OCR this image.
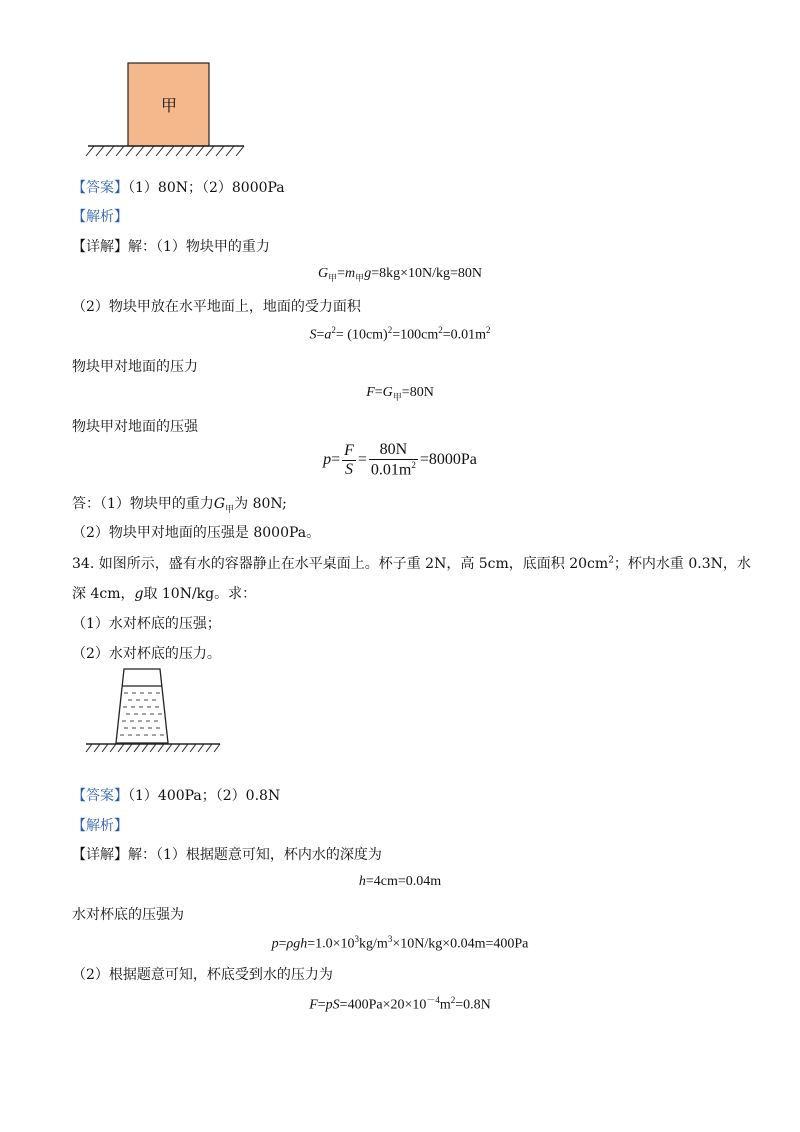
甲
【答案】（1）80N；（2）8000Pa
【解析】
【详解】解：（1）物块甲的重力
$G_甲=m_甲g=8kg\times 10N/kg=80N$
（2）物块甲放在水平地面上，地面的受力面积
$S=a^2= (10cm)^2=100cm^2=0.01m^2$
物块甲对地面的压力
$F=G_甲=80N$
物块甲对地面的压强
$p= \frac{F}{S} = \frac{80N}{0.01m^2} =8000Pa$
答：（1）物块甲的重力$G_甲$为 80N;
（2）物块甲对地面的压强是 8000Pa。
34. 如图所示，盛有水的容器静止在水平桌面上。杯子重 2N，高 5cm，底面积 $20cm^2$；杯内水重 0.3N，水
深 4cm，g取 10N/kg。求：
（1）水对杯底的压强；
（2）水对杯底的压力。
【答案】（1）400Pa；（2）0.8N
【解析】
【详解】解：（1）根据题意可知，杯内水的深度为
h=4cm=0.04m
水对杯底的压强为
$p=\rho gh=1.0\times 10^3kg/m^3\times 10N/kg\times 0.04m=400Pa$
（2）根据题意可知，杯底受到水的压力为
$F=pS=400Pa\times 20\times 10^{-4}m^2=0.8N$
